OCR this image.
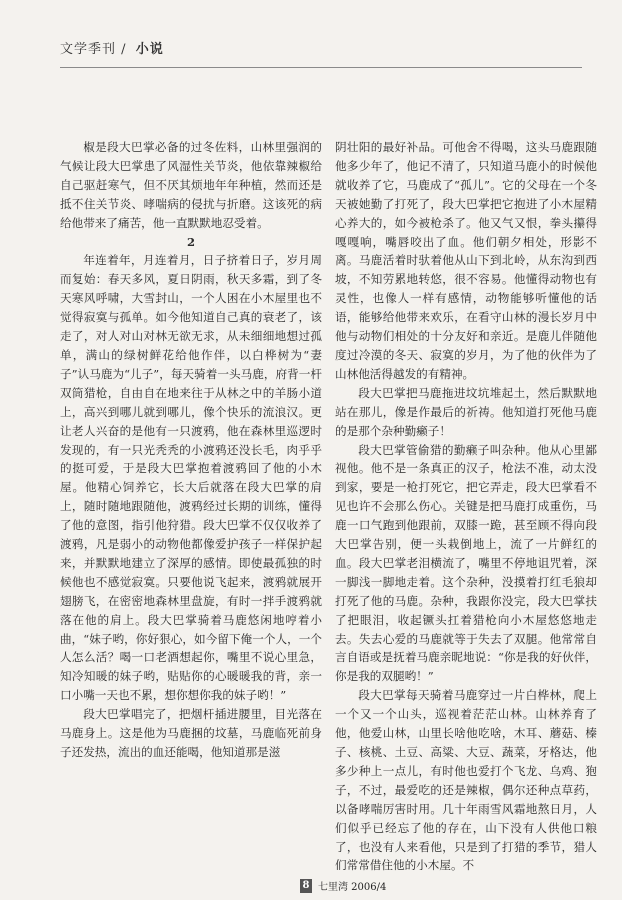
文学季刊 / 小说

椒是段大巴掌必备的过冬佐料，山林里强润的气候让段大巴掌患了风湿性关节炎，他依靠辣椒给自己驱赶寒气，但不厌其烦地年年种植，然而还是抵不住关节炎、哮喘病的侵扰与折磨。这该死的病给他带来了痛苦，他一直默默地忍受着。

2

年连着年，月连着月，日子挤着日子，岁月周而复始：春天多风，夏日阴雨，秋天多霜，到了冬天寒风呼啸，大雪封山，一个人困在小木屋里也不觉得寂寞与孤单。如今他知道自己真的衰老了，该走了，对人对山对林无欲无求，从未细细地想过孤单，满山的绿树鲜花给他作伴，以白桦树为“妻子”认马鹿为“儿子”，每天骑着一头马鹿，府背一杆双筒猎枪，自由自在地来往于从林之中的羊肠小道上，高兴到哪儿就到哪儿，像个快乐的流浪汉。更让老人兴奋的是他有一只渡鸦，他在森林里巡逻时发现的，有一只光秃秃的小渡鸦还没长毛，肉乎乎的挺可爱，于是段大巴掌抱着渡鸦回了他的小木屋。他精心饲养它，长大后就落在段大巴掌的肩上，随时随地跟随他，渡鸦经过长期的训练，懂得了他的意图，指引他狩猎。段大巴掌不仅仅收养了渡鸦，凡是弱小的动物他都像爱护孩子一样保护起来，并默默地建立了深厚的感情。即使最孤独的时候他也不感觉寂寞。只要他说飞起来，渡鸦就展开翅膀飞，在密密地森林里盘旋，有时一拌手渡鸦就落在他的肩上。段大巴掌骑着马鹿悠闲地哼着小曲，“妹子哟，你好狠心，如今留下俺一个人，一个人怎么活？喝一口老酒想起你，嘴里不说心里急，知冷知暖的妹子哟，贴贴你的心暖暖我的背，亲一口小嘴一天也不累，想你想你我的妹子哟！”

段大巴掌唱完了，把烟杆插进腰里，目光落在马鹿身上。这是他为马鹿捆的坟墓，马鹿临死前身子还发热，流出的血还能喝，他知道那是滋

阴壮阳的最好补品。可他舍不得喝，这头马鹿跟随他多少年了，他记不清了，只知道马鹿小的时候他就收养了它，马鹿成了“孤儿”。它的父母在一个冬天被她勤了打死了，段大巴掌把它抱进了小木屋精心养大的，如今被枪杀了。他又气又恨，拳头攥得嘎嘎响，嘴唇咬出了血。他们朝夕相处，形影不离。马鹿活着时驮着他从山下到北岭，从东沟到西坡，不知劳累地转悠，很不容易。他懂得动物也有灵性，也像人一样有感情，动物能够听懂他的话语，能够给他带来欢乐，在看守山林的漫长岁月中他与动物们相处的十分友好和亲近。是鹿儿伴随他度过冷漠的冬天、寂寞的岁月，为了他的伙伴为了山林他活得越发的有精神。

段大巴掌把马鹿拖进坟坑堆起土，然后默默地站在那儿，像是作最后的祈祷。他知道打死他马鹿的是那个杂种勤癞子！

段大巴掌管偷猎的勤癞子叫杂种。他从心里鄙视他。他不是一条真正的汉子，枪法不准，动太没到家，要是一枪打死它，把它弄走，段大巴掌看不见也许不会那么伤心。关键是把马鹿打成重伤，马鹿一口气跑到他跟前，双膝一跪，甚至顾不得向段大巴掌告别，便一头栽倒地上，流了一片鲜红的血。段大巴掌老泪横流了，嘴里不停地诅咒着，深一脚浅一脚地走着。这个杂种，没摸着打红毛狼却打死了他的马鹿。杂种，我跟你没完，段大巴掌扶了把眼泪，收起镢头扛着猎枪向小木屋悠悠地走去。失去心爱的马鹿就等于失去了双腿。他常常自言自语或是抚着马鹿亲昵地说：“你是我的好伙伴，你是我的双腿哟！”

段大巴掌每天骑着马鹿穿过一片白桦林，爬上一个又一个山头，巡视着茫茫山林。山林养育了他，他爱山林，山里长啥他吃啥，木耳、蘑菇、榛子、核桃、土豆、高粱、大豆、蔬菜，牙格达，他多少种上一点儿，有时他也爱打个飞龙、乌鸡、狍子，不过，最爱吃的还是辣椒，偶尔还种点草药，以备哮喘厉害时用。几十年雨雪风霜地熬日月，人们似乎已经忘了他的存在，山下没有人供他口粮了，也没有人来看他，只是到了打猎的季节，猎人们常常借住他的小木屋。不

8 七里湾 2006/4
